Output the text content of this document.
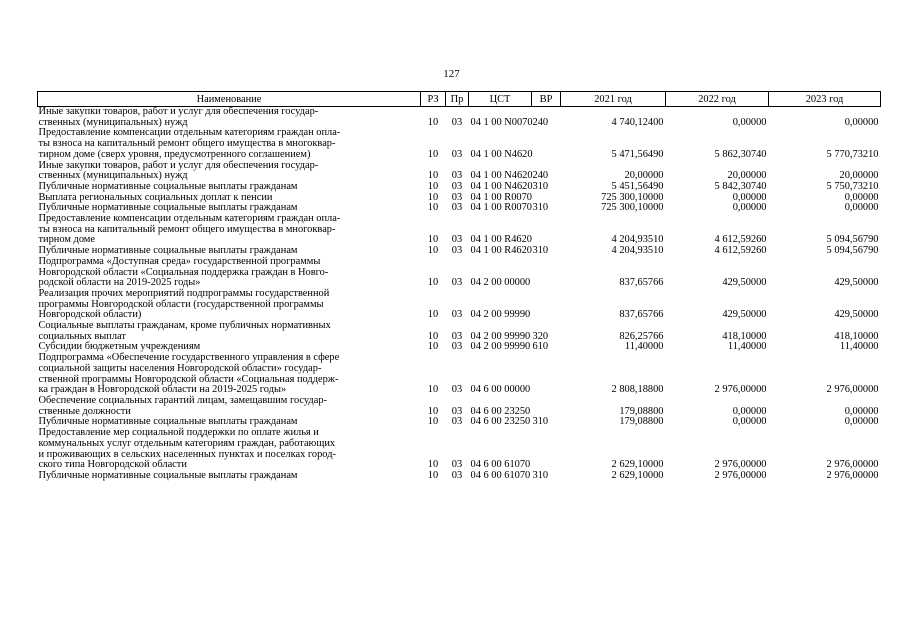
127
Наименование	РЗ	Пр	ЦСТ	ВР	2021 год	2022 год	2023 год

Иные закупки товаров, работ и услуг для обеспечения государ-
ственных (муниципальных) нужд	10	03	04 1 00 N0070	240	4 740,12400	0,00000	0,00000

Предоставление компенсации отдельным категориям граждан опла-
ты взноса на капитальный ремонт общего имущества в многоквар-
тирном доме (сверх уровня, предусмотренного соглашением)	10	03	04 1 00 N4620		5 471,56490	5 862,30740	5 770,73210

Иные закупки товаров, работ и услуг для обеспечения государ-
ственных (муниципальных) нужд	10	03	04 1 00 N4620	240	20,00000	20,00000	20,00000

Публичные нормативные социальные выплаты гражданам	10	03	04 1 00 N4620	310	5 451,56490	5 842,30740	5 750,73210

Выплата региональных социальных доплат к пенсии	10	03	04 1 00 R0070		725 300,10000	0,00000	0,00000

Публичные нормативные социальные выплаты гражданам	10	03	04 1 00 R0070	310	725 300,10000	0,00000	0,00000

Предоставление компенсации отдельным категориям граждан опла-
ты взноса на капитальный ремонт общего имущества в многоквар-
тирном доме	10	03	04 1 00 R4620		4 204,93510	4 612,59260	5 094,56790

Публичные нормативные социальные выплаты гражданам	10	03	04 1 00 R4620	310	4 204,93510	4 612,59260	5 094,56790

Подпрограмма «Доступная среда» государственной программы
Новгородской области «Социальная поддержка граждан в Новго-
родской области на 2019-2025 годы»	10	03	04 2 00 00000		837,65766	429,50000	429,50000

Реализация прочих мероприятий подпрограммы государственной
программы Новгородской области (государственной программы
Новгородской области)	10	03	04 2 00 99990		837,65766	429,50000	429,50000

Социальные выплаты гражданам, кроме публичных нормативных
социальных выплат	10	03	04 2 00 99990	320	826,25766	418,10000	418,10000

Субсидии бюджетным учреждениям	10	03	04 2 00 99990	610	11,40000	11,40000	11,40000

Подпрограмма «Обеспечение государственного управления в сфере
социальной защиты населения Новгородской области» государ-
ственной программы Новгородской области «Социальная поддерж-
ка граждан в Новгородской области на 2019-2025 годы»	10	03	04 6 00 00000		2 808,18800	2 976,00000	2 976,00000

Обеспечение социальных гарантий лицам, замещавшим государ-
ственные должности	10	03	04 6 00 23250		179,08800	0,00000	0,00000

Публичные нормативные социальные выплаты гражданам	10	03	04 6 00 23250	310	179,08800	0,00000	0,00000

Предоставление мер социальной поддержки по оплате жилья и
коммунальных услуг отдельным категориям граждан, работающих
и проживающих в сельских населенных пунктах и поселках город-
ского типа Новгородской области	10	03	04 6 00 61070		2 629,10000	2 976,00000	2 976,00000

Публичные нормативные социальные выплаты гражданам	10	03	04 6 00 61070	310	2 629,10000	2 976,00000	2 976,00000
